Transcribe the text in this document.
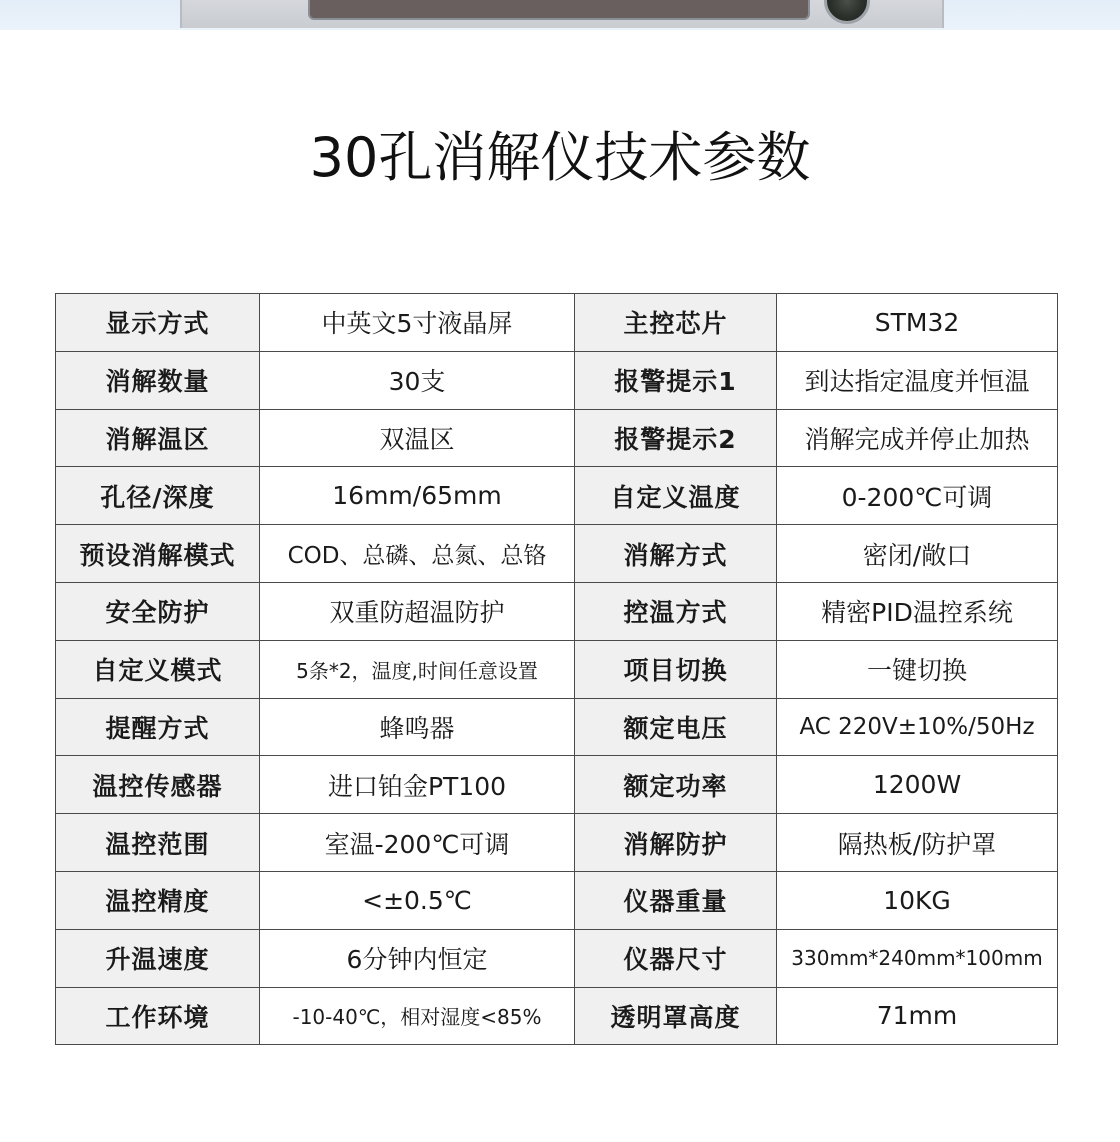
30孔消解仪技术参数
显示方式	中英文5寸液晶屏	主控芯片	STM32
消解数量	30支	报警提示1	到达指定温度并恒温
消解温区	双温区	报警提示2	消解完成并停止加热
孔径/深度	16mm/65mm	自定义温度	0-200℃可调
预设消解模式	COD、总磷、总氮、总铬	消解方式	密闭/敞口
安全防护	双重防超温防护	控温方式	精密PID温控系统
自定义模式	5条*2，温度,时间任意设置	项目切换	一键切换
提醒方式	蜂鸣器	额定电压	AC 220V±10%/50Hz
温控传感器	进口铂金PT100	额定功率	1200W
温控范围	室温-200℃可调	消解防护	隔热板/防护罩
温控精度	<±0.5℃	仪器重量	10KG
升温速度	6分钟内恒定	仪器尺寸	330mm*240mm*100mm
工作环境	-10-40℃，相对湿度<85%	透明罩高度	71mm
